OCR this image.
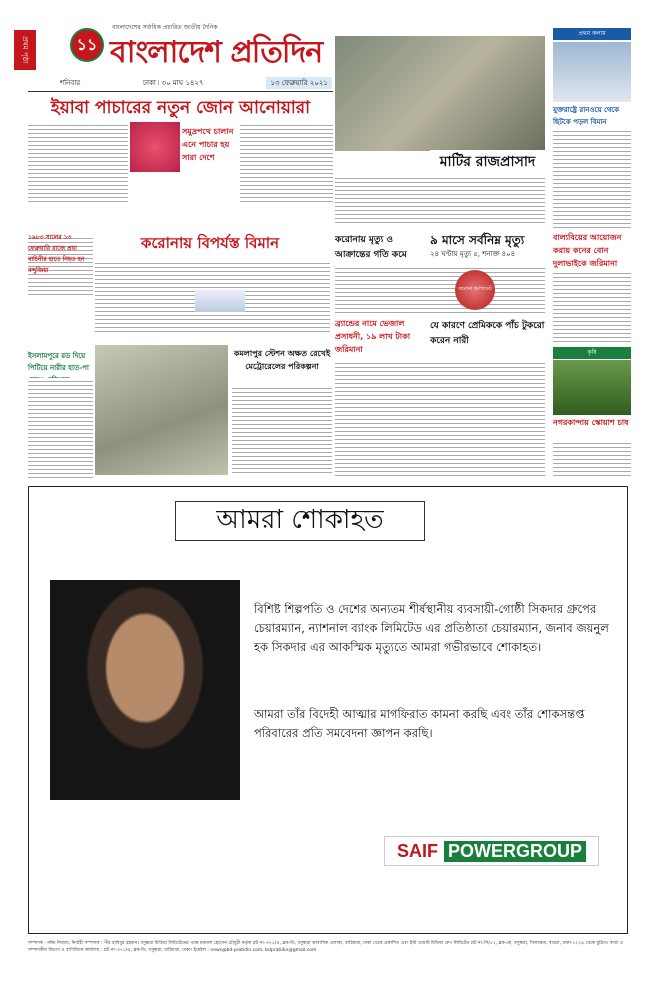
প্রথম পৃষ্ঠা	১১
বাংলাদেশের সর্বাধিক প্রচারিত জাতীয় দৈনিক
বাংলাদেশ প্রতিদিন
শনিবার	ঢাকা ৷ ৩০ মাঘ ১৪২৭	১৩ ফেব্রুয়ারি ২০২১
ইয়াবা পাচারের নতুন জোন আনোয়ারা
সমুদ্রপথে চালান এনে পাচার হয় সারা দেশে	মাটির রাজপ্রাসাদ
প্রথম কলাম
যুক্তরাষ্ট্রে রানওয়ে থেকে ছিটকে পড়ল বিমান
করোনায় বিপর্যস্ত বিমান
১৯৮৩ সালের ১৩ ফেব্রুয়ারি রাজে প্রয়া বাচিনীর হাতে নিহত হন বন্দুজিয়া
ইসলামপুরে রড দিয়ে পিটিয়ে নারীর হাত-পা
কমলাপুর স্টেশন অক্ষত রেখেই মেট্রোরেলের পরিকল্পনা
করোনায় মৃত্যু ও আক্রান্তের গতি কমে
৯ মাসে সর্বনিম্ন মৃত্যু
২৪ ঘণ্টায় মৃত্যু ৫, শনাক্ত ৪০৪
করোনা আপডেট
যে কারণে প্রেমিককে পাঁচ টুকরো করেন নারী
ব্র্যান্ডের নামে ভেজাল প্রসাধনী, ১৯ লাখ টাকা জরিমানা
বাল্যবিয়ের আয়োজন করায় কনের বোন দুলাভাইকে জরিমানা
কৃষি
নগরকান্দায় স্কোয়াশ চাষ
আমরা শোকাহত
বিশিষ্ট শিল্পপতি ও দেশের অন্যতম শীর্ষস্থানীয় ব্যবসায়ী-গোষ্ঠী সিকদার গ্রুপের চেয়ারম্যান, ন্যাশনাল ব্যাংক লিমিটেড এর প্রতিষ্ঠাতা চেয়ারম্যান, জনাব জয়নুল হক সিকদার এর আকস্মিক মৃত্যুতে আমরা গভীরভাবে শোকাহত।
আমরা তাঁর বিদেহী আত্মার মাগফিরাত কামনা করছি এবং তাঁর শোকসন্তপ্ত পরিবারের প্রতি সমবেদনা জ্ঞাপন করছি।
SAIF POWERGROUP
সম্পাদক : নঈম নিজাম, নির্বাহী সম্পাদক : পীর হাবিবুর রহমান। বসুন্ধরা মিডিয়া লিমিটেডের পক্ষে ময়নাল হোসেন চৌধুরী কর্তৃক প্লট নং-৩৭১/এ, ব্লক-ডি, বসুন্ধরা আবাসিক এলাকা, বারিধারা, ঢাকা থেকে প্রকাশিত এবং ইস্ট ওয়েস্ট মিডিয়া গ্রুপ লিমিটেড প্লট নং-সি/৫২, ব্লক-কে, বসুন্ধরা, খিলক্ষেত, বাড্ডা, ঢাকা-১২২৯ থেকে মুদ্রিত। বার্তা ও সম্পাদকীয় বিভাগ ও বাণিজ্যিক কার্যালয় : প্লট নং-৩৭১/এ, ব্লক-ডি, বসুন্ধরা, বারিধারা, ঢাকা। ইমেইল : news@bd-pratidin.com, bdpratidin@gmail.com
